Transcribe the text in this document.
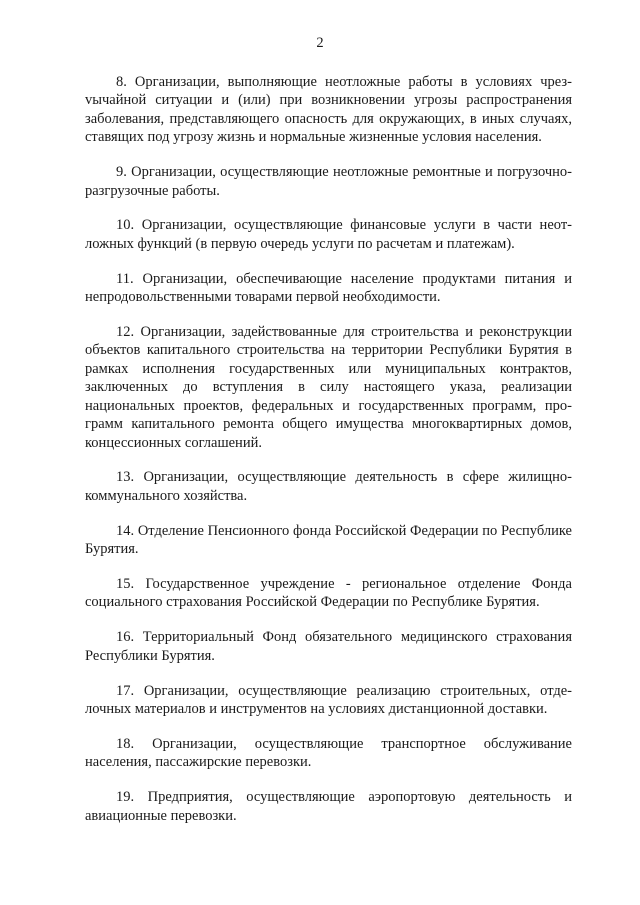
2

8. Организации, выполняющие неотложные работы в условиях чрезvычайной ситуации и (или) при возникновении угрозы распространения заболевания, представляющего опасность для окружающих, в иных случаях, ставящих под угрозу жизнь и нормальные жизненные условия населения.

9. Организации, осуществляющие неотложные ремонтные и погрузочно-разгрузочные работы.

10. Организации, осуществляющие финансовые услуги в части неотложных функций (в первую очередь услуги по расчетам и платежам).

11. Организации, обеспечивающие население продуктами питания и непродовольственными товарами первой необходимости.

12. Организации, задействованные для строительства и реконструкции объектов капитального строительства на территории Республики Бурятия в рамках исполнения государственных или муниципальных контрактов, заключенных до вступления в силу настоящего указа, реализации национальных проектов, федеральных и государственных программ, программ капитального ремонта общего имущества многоквартирных домов, концессионных соглашений.

13. Организации, осуществляющие деятельность в сфере жилищно-коммунального хозяйства.

14. Отделение Пенсионного фонда Российской Федерации по Республике Бурятия.

15. Государственное учреждение - региональное отделение Фонда социального страхования Российской Федерации по Республике Бурятия.

16. Территориальный Фонд обязательного медицинского страхования Республики Бурятия.

17. Организации, осуществляющие реализацию строительных, отделочных материалов и инструментов на условиях дистанционной доставки.

18. Организации, осуществляющие транспортное обслуживание населения, пассажирские перевозки.

19. Предприятия, осуществляющие аэропортовую деятельность и авиационные перевозки.
